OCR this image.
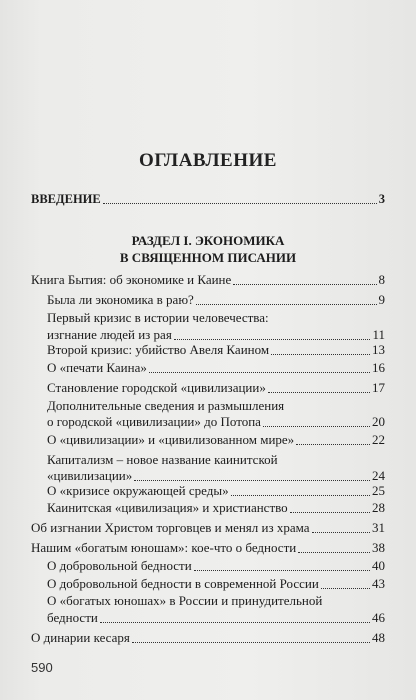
ОГЛАВЛЕНИЕ
ВВЕДЕНИЕ	3
РАЗДЕЛ I. ЭКОНОМИКА
В СВЯЩЕННОМ ПИСАНИИ
Книга Бытия: об экономике и Каине	8
Была ли экономика в раю?	9
Первый кризис в истории человечества:
изгнание людей из рая	11
Второй кризис: убийство Авеля Каином	13
О «печати Каина»	16
Становление городской «цивилизации»	17
Дополнительные сведения и размышления
о городской «цивилизации» до Потопа	20
О «цивилизации» и «цивилизованном мире»	22
Капитализм – новое название каинитской
«цивилизации»	24
О «кризисе окружающей среды»	25
Каинитская «цивилизация» и христианство	28
Об изгнании Христом торговцев и менял из храма	31
Нашим «богатым юношам»: кое-что о бедности	38
О добровольной бедности	40
О добровольной бедности в современной России	43
О «богатых юношах» в России и принудительной
бедности	46
О динарии кесаря	48
590
